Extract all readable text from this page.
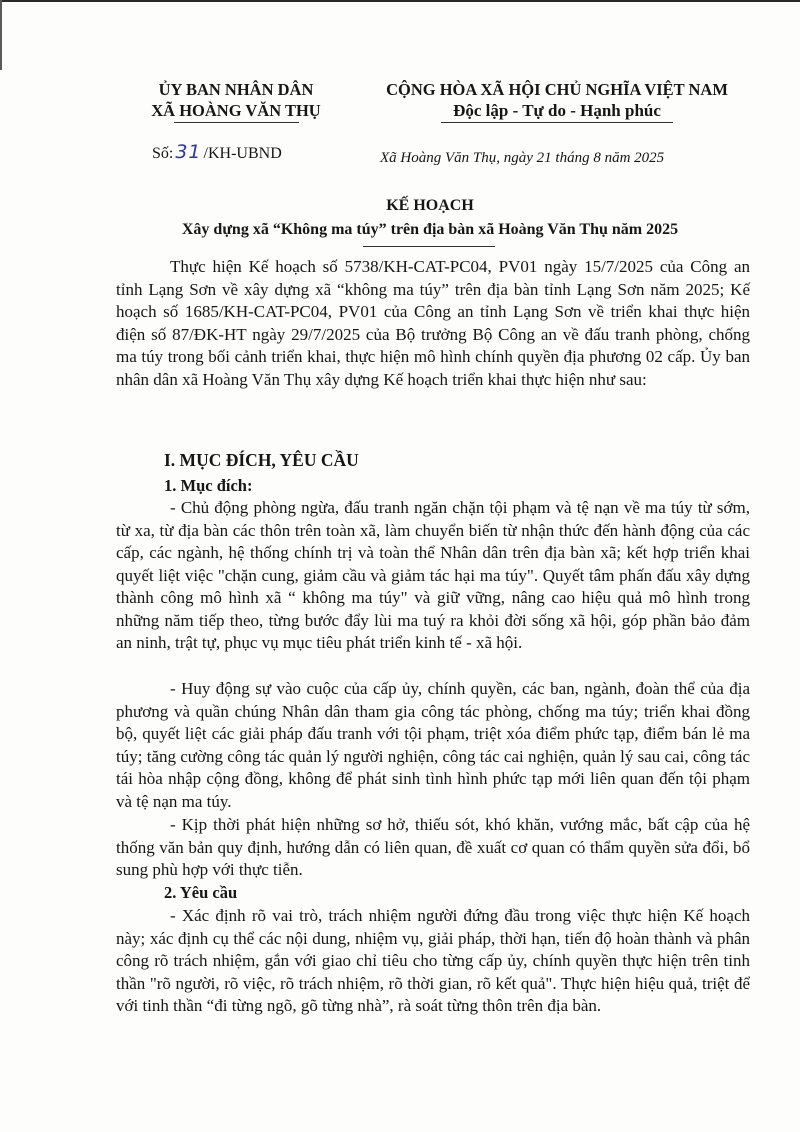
ỦY BAN NHÂN DÂN
XÃ HOÀNG VĂN THỤ
CỘNG HÒA XÃ HỘI CHỦ NGHĨA VIỆT NAM
Độc lập - Tự do - Hạnh phúc
Số: 31 /KH-UBND	Xã Hoàng Văn Thụ, ngày 21 tháng 8 năm 2025
KẾ HOẠCH
Xây dựng xã “Không ma túy” trên địa bàn xã Hoàng Văn Thụ năm 2025

Thực hiện Kế hoạch số 5738/KH-CAT-PC04, PV01 ngày 15/7/2025 của Công an tỉnh Lạng Sơn về xây dựng xã “không ma túy” trên địa bàn tỉnh Lạng Sơn năm 2025; Kế hoạch số 1685/KH-CAT-PC04, PV01 của Công an tỉnh Lạng Sơn về triển khai thực hiện điện số 87/ĐK-HT ngày 29/7/2025 của Bộ trưởng Bộ Công an về đấu tranh phòng, chống ma túy trong bối cảnh triển khai, thực hiện mô hình chính quyền địa phương 02 cấp. Ủy ban nhân dân xã Hoàng Văn Thụ xây dựng Kế hoạch triển khai thực hiện như sau:

I. MỤC ĐÍCH, YÊU CẦU
1. Mục đích:

- Chủ động phòng ngừa, đấu tranh ngăn chặn tội phạm và tệ nạn về ma túy từ sớm, từ xa, từ địa bàn các thôn trên toàn xã, làm chuyển biến từ nhận thức đến hành động của các cấp, các ngành, hệ thống chính trị và toàn thể Nhân dân trên địa bàn xã; kết hợp triển khai quyết liệt việc "chặn cung, giảm cầu và giảm tác hại ma túy". Quyết tâm phấn đấu xây dựng thành công mô hình xã “ không ma túy" và giữ vững, nâng cao hiệu quả mô hình trong những năm tiếp theo, từng bước đẩy lùi ma tuý ra khỏi đời sống xã hội, góp phần bảo đảm an ninh, trật tự, phục vụ mục tiêu phát triển kinh tế - xã hội.

- Huy động sự vào cuộc của cấp ủy, chính quyền, các ban, ngành, đoàn thể của địa phương và quần chúng Nhân dân tham gia công tác phòng, chống ma túy; triển khai đồng bộ, quyết liệt các giải pháp đấu tranh với tội phạm, triệt xóa điểm phức tạp, điểm bán lẻ ma túy; tăng cường công tác quản lý người nghiện, công tác cai nghiện, quản lý sau cai, công tác tái hòa nhập cộng đồng, không để phát sinh tình hình phức tạp mới liên quan đến tội phạm và tệ nạn ma túy.

- Kịp thời phát hiện những sơ hở, thiếu sót, khó khăn, vướng mắc, bất cập của hệ thống văn bản quy định, hướng dẫn có liên quan, đề xuất cơ quan có thẩm quyền sửa đổi, bổ sung phù hợp với thực tiễn.

2. Yêu cầu

- Xác định rõ vai trò, trách nhiệm người đứng đầu trong việc thực hiện Kế hoạch này; xác định cụ thể các nội dung, nhiệm vụ, giải pháp, thời hạn, tiến độ hoàn thành và phân công rõ trách nhiệm, gắn với giao chỉ tiêu cho từng cấp ủy, chính quyền thực hiện trên tinh thần "rõ người, rõ việc, rõ trách nhiệm, rõ thời gian, rõ kết quả". Thực hiện hiệu quả, triệt để với tinh thần “đi từng ngõ, gõ từng nhà”, rà soát từng thôn trên địa bàn.
